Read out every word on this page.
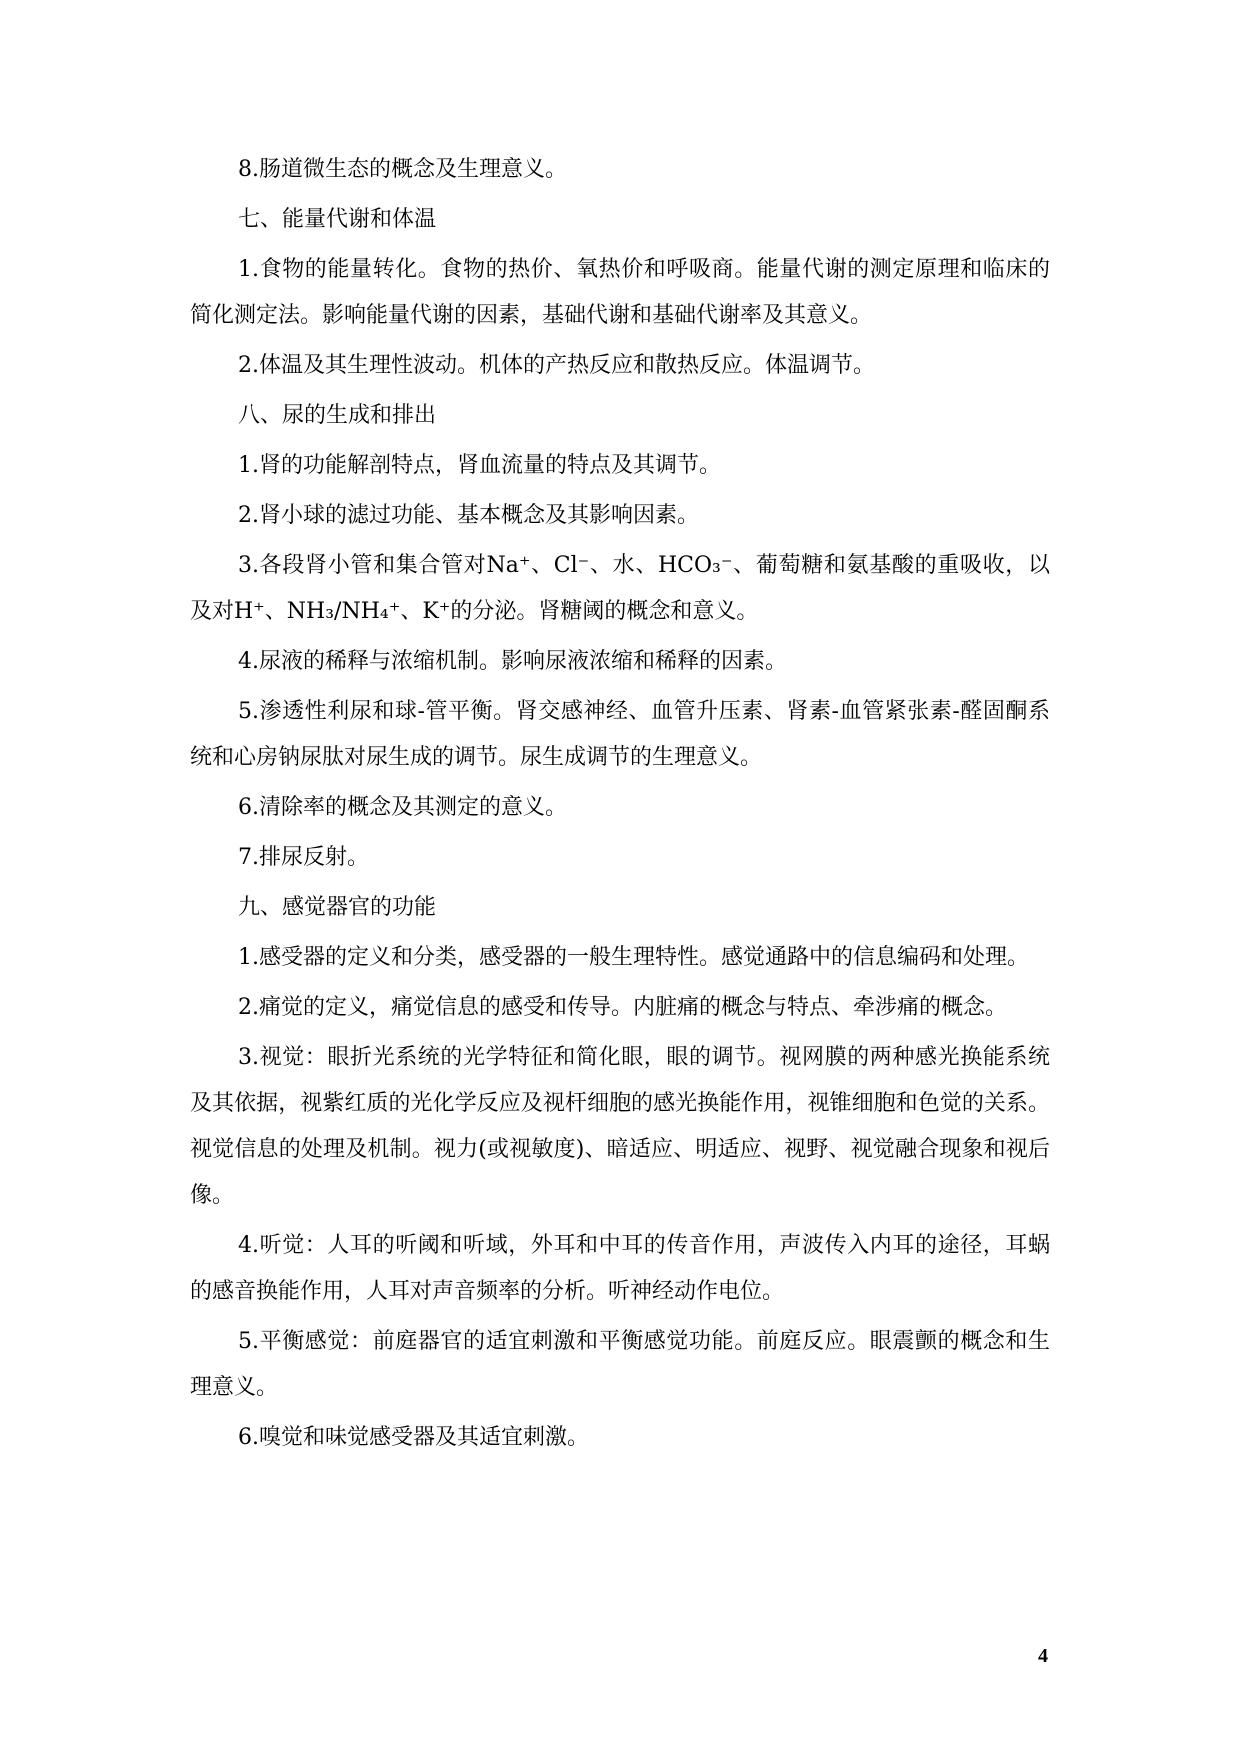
8.肠道微生态的概念及生理意义。

七、能量代谢和体温

1.食物的能量转化。食物的热价、氧热价和呼吸商。能量代谢的测定原理和临床的简化测定法。影响能量代谢的因素，基础代谢和基础代谢率及其意义。

2.体温及其生理性波动。机体的产热反应和散热反应。体温调节。

八、尿的生成和排出

1.肾的功能解剖特点，肾血流量的特点及其调节。

2.肾小球的滤过功能、基本概念及其影响因素。

3.各段肾小管和集合管对Na⁺、Cl⁻、水、HCO₃⁻、葡萄糖和氨基酸的重吸收，以及对H⁺、NH₃/NH₄⁺、K⁺的分泌。肾糖阈的概念和意义。

4.尿液的稀释与浓缩机制。影响尿液浓缩和稀释的因素。

5.渗透性利尿和球-管平衡。肾交感神经、血管升压素、肾素-血管紧张素-醛固酮系统和心房钠尿肽对尿生成的调节。尿生成调节的生理意义。

6.清除率的概念及其测定的意义。

7.排尿反射。

九、感觉器官的功能

1.感受器的定义和分类，感受器的一般生理特性。感觉通路中的信息编码和处理。

2.痛觉的定义，痛觉信息的感受和传导。内脏痛的概念与特点、牵涉痛的概念。

3.视觉：眼折光系统的光学特征和简化眼，眼的调节。视网膜的两种感光换能系统及其依据，视紫红质的光化学反应及视杆细胞的感光换能作用，视锥细胞和色觉的关系。视觉信息的处理及机制。视力(或视敏度)、暗适应、明适应、视野、视觉融合现象和视后像。

4.听觉：人耳的听阈和听域，外耳和中耳的传音作用，声波传入内耳的途径，耳蜗的感音换能作用，人耳对声音频率的分析。听神经动作电位。

5.平衡感觉：前庭器官的适宜刺激和平衡感觉功能。前庭反应。眼震颤的概念和生理意义。

6.嗅觉和味觉感受器及其适宜刺激。

4
